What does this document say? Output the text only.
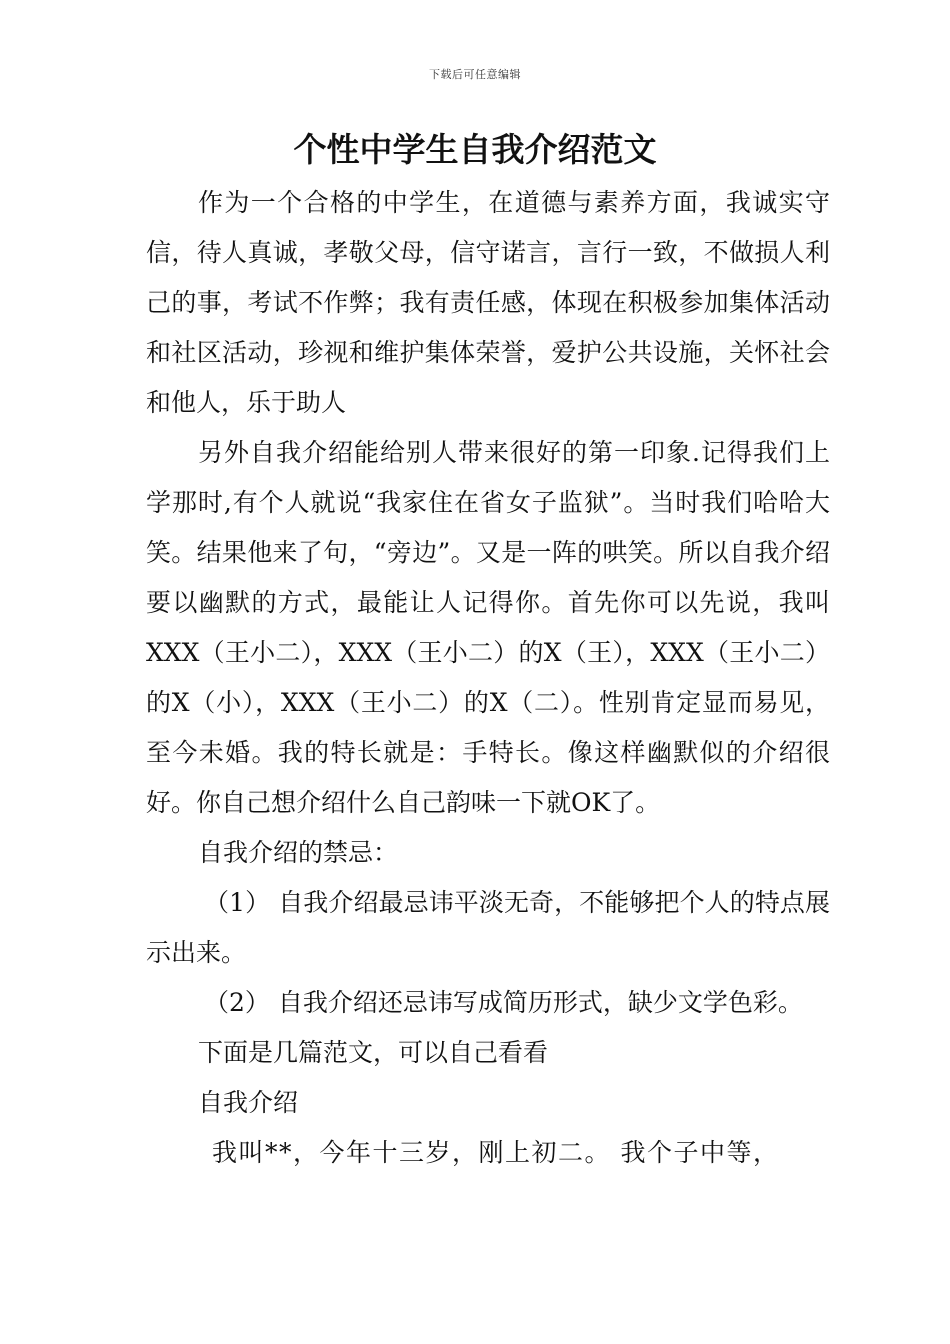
下载后可任意编辑
个性中学生自我介绍范文

作为一个合格的中学生，在道德与素养方面，我诚实守信，待人真诚，孝敬父母，信守诺言，言行一致，不做损人利己的事，考试不作弊；我有责任感，体现在积极参加集体活动和社区活动，珍视和维护集体荣誉，爱护公共设施，关怀社会和他人，乐于助人

另外自我介绍能给别人带来很好的第一印象.记得我们上学那时,有个人就说“我家住在省女子监狱”。当时我们哈哈大笑。结果他来了句，“旁边”。又是一阵的哄笑。所以自我介绍要以幽默的方式，最能让人记得你。首先你可以先说，我叫XXX（王小二），XXX（王小二）的X（王），XXX（王小二）的X（小），XXX（王小二）的X（二）。性别肯定显而易见，至今未婚。我的特长就是：手特长。像这样幽默似的介绍很好。你自己想介绍什么自己韵味一下就OK了。

自我介绍的禁忌：

（1） 自我介绍最忌讳平淡无奇，不能够把个人的特点展示出来。

（2） 自我介绍还忌讳写成简历形式，缺少文学色彩。

下面是几篇范文，可以自己看看

自我介绍

我叫**，今年十三岁，刚上初二。 我个子中等，
